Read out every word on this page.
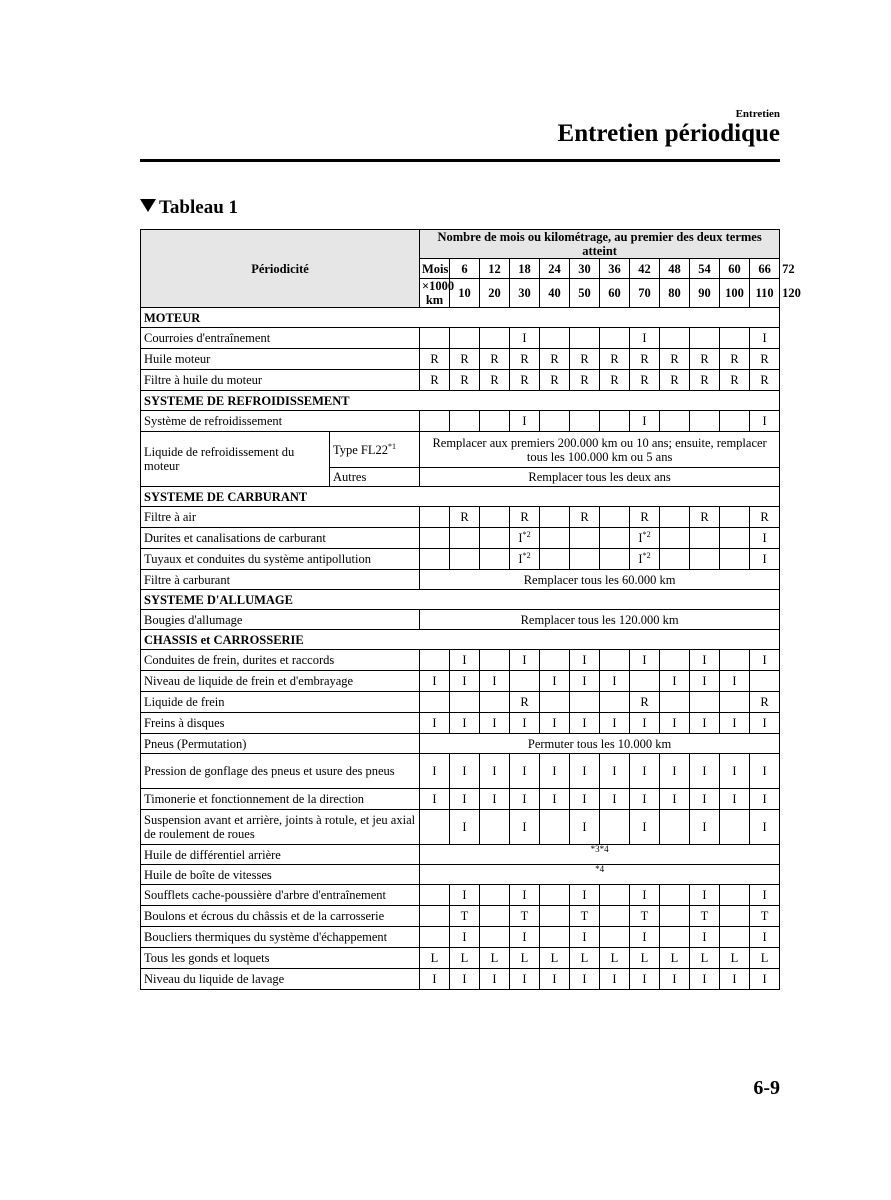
Entretien
Entretien périodique
Tableau 1
Périodicité		Nombre de mois ou kilométrage, au premier des deux termes atteint												
		Mois	6	12	18	24	30	36	42	48	54	60	66	72
		×1000 km	10	20	30	40	50	60	70	80	90	100	110	120
MOTEUR														
Courroies d'entraînement					I				I				I	
Huile moteur		R	R	R	R	R	R	R	R	R	R	R	R	
Filtre à huile du moteur		R	R	R	R	R	R	R	R	R	R	R	R	
SYSTEME DE REFROIDISSEMENT														
Système de refroidissement					I				I				I	
Liquide de refroidissement du moteur	Type FL22$^{*1}$	Remplacer aux premiers 200.000 km ou 10 ans; ensuite, remplacer tous les 100.000 km ou 5 ans												
	Autres	Remplacer tous les deux ans												
SYSTEME DE CARBURANT														
Filtre à air			R		R		R		R		R		R	
Durites et canalisations de carburant					$I^{*2}$				$I^{*2}$				I	
Tuyaux et conduites du système antipollution					$I^{*2}$				$I^{*2}$				I	
Filtre à carburant		Remplacer tous les 60.000 km												
SYSTEME D'ALLUMAGE														
Bougies d'allumage		Remplacer tous les 120.000 km												
CHASSIS et CARROSSERIE														
Conduites de frein, durites et raccords			I		I		I		I		I		I	
Niveau de liquide de frein et d'embrayage		I	I	I		I	I	I		I	I	I		
Liquide de frein					R				R				R	
Freins à disques		I	I	I	I	I	I	I	I	I	I	I	I	
Pneus (Permutation)		Permuter tous les 10.000 km												
Pression de gonflage des pneus et usure des pneus		I	I	I	I	I	I	I	I	I	I	I	I	
Timonerie et fonctionnement de la direction		I	I	I	I	I	I	I	I	I	I	I	I	
Suspension avant et arrière, joints à rotule, et jeu axial de roulement de roues			I		I		I		I		I		I	
Huile de différentiel arrière		$^{*3*4}$
Huile de boîte de vitesses		$^{*4}$
Soufflets cache-poussière d'arbre d'entraînement			I		I		I		I		I		I	
Boulons et écrous du châssis et de la carrosserie			T		T		T		T		T		T	
Boucliers thermiques du système d'échappement			I		I		I		I		I		I	
Tous les gonds et loquets		L	L	L	L	L	L	L	L	L	L	L	L	
Niveau du liquide de lavage		I	I	I	I	I	I	I	I	I	I	I	I	
6-9
